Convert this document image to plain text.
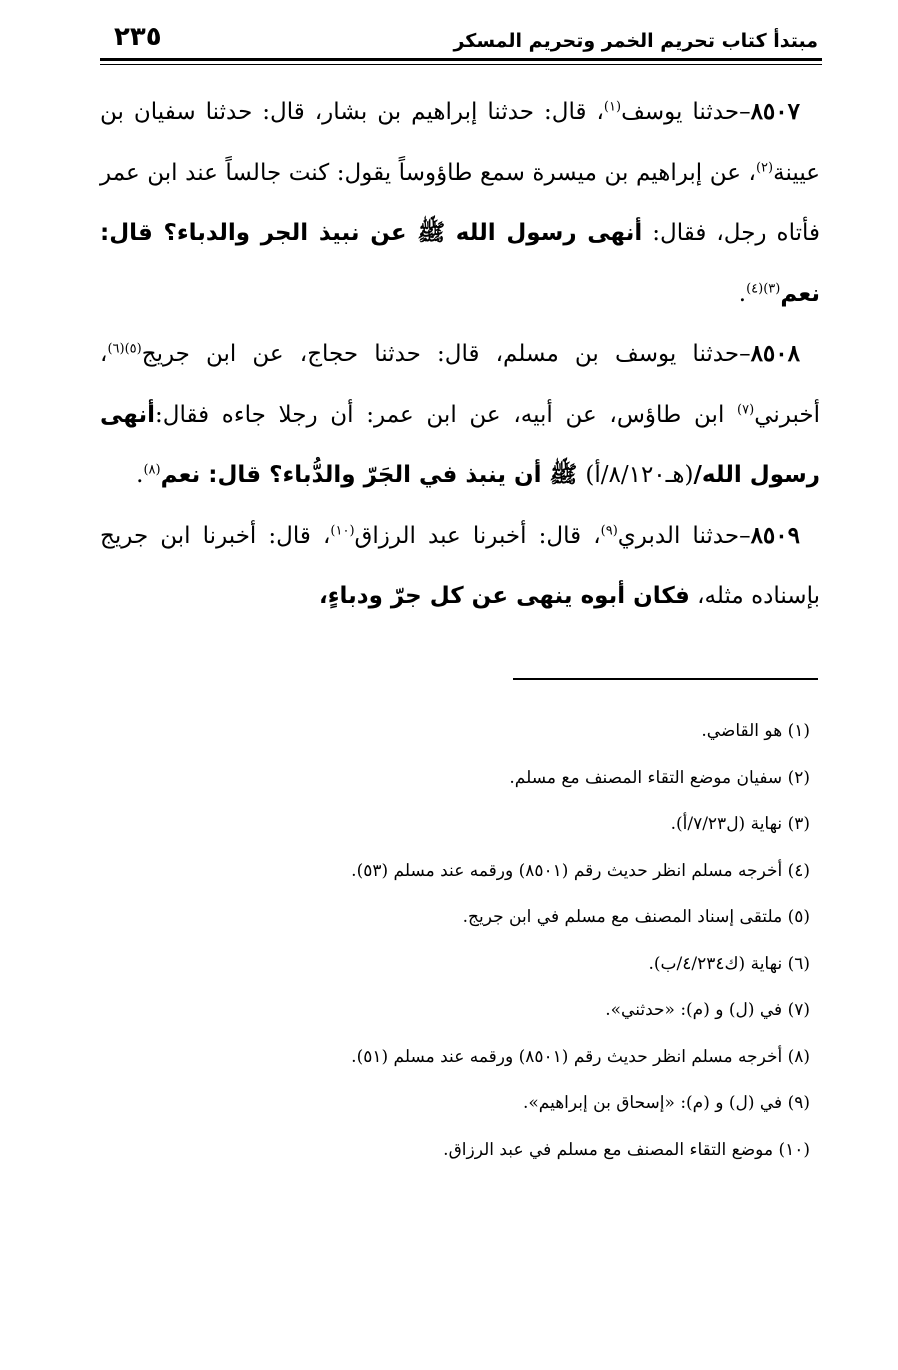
٢٣٥	مبتدأ كتاب تحريم الخمر وتحريم المسكر

٨٥٠٧–حدثنا يوسف$^{(١)}$، قال: حدثنا إبراهيم بن بشار، قال: حدثنا سفيان بن عيينة$^{(٢)}$، عن إبراهيم بن ميسرة سمع طاؤوساً يقول: كنت جالساً عند ابن عمر فأتاه رجل، فقال: أنهى رسول الله ﷺ عن نبيذ الجر والدباء؟ قال: نعم$^{(٣)(٤)}$.

٨٥٠٨–حدثنا يوسف بن مسلم، قال: حدثنا حجاج، عن ابن جريج$^{(٥)(٦)}$، أخبرني$^{(٧)}$ ابن طاؤس، عن أبيه، عن ابن عمر: أن رجلا جاءه فقال:أنهى رسول الله/(هـ٨/١٢٠/أ) ﷺ أن ينبذ في الجَرّ والدُّباء؟ قال: نعم$^{(٨)}$.

٨٥٠٩–حدثنا الدبري$^{(٩)}$، قال: أخبرنا عبد الرزاق$^{(١٠)}$، قال: أخبرنا ابن جريج بإسناده مثله، فكان أبوه ينهى عن كل جرّ ودباءٍ،

(١) هو القاضي.

(٢) سفيان موضع التقاء المصنف مع مسلم.

(٣) نهاية (ل٧/٢٣/أ).

(٤) أخرجه مسلم انظر حديث رقم (٨٥٠١) ورقمه عند مسلم (٥٣).

(٥) ملتقى إسناد المصنف مع مسلم في ابن جريج.

(٦) نهاية (ك٤/٢٣٤/ب).

(٧) في (ل) و (م): «حدثني».

(٨) أخرجه مسلم انظر حديث رقم (٨٥٠١) ورقمه عند مسلم (٥١).

(٩) في (ل) و (م): «إسحاق بن إبراهيم».

(١٠) موضع التقاء المصنف مع مسلم في عبد الرزاق.
